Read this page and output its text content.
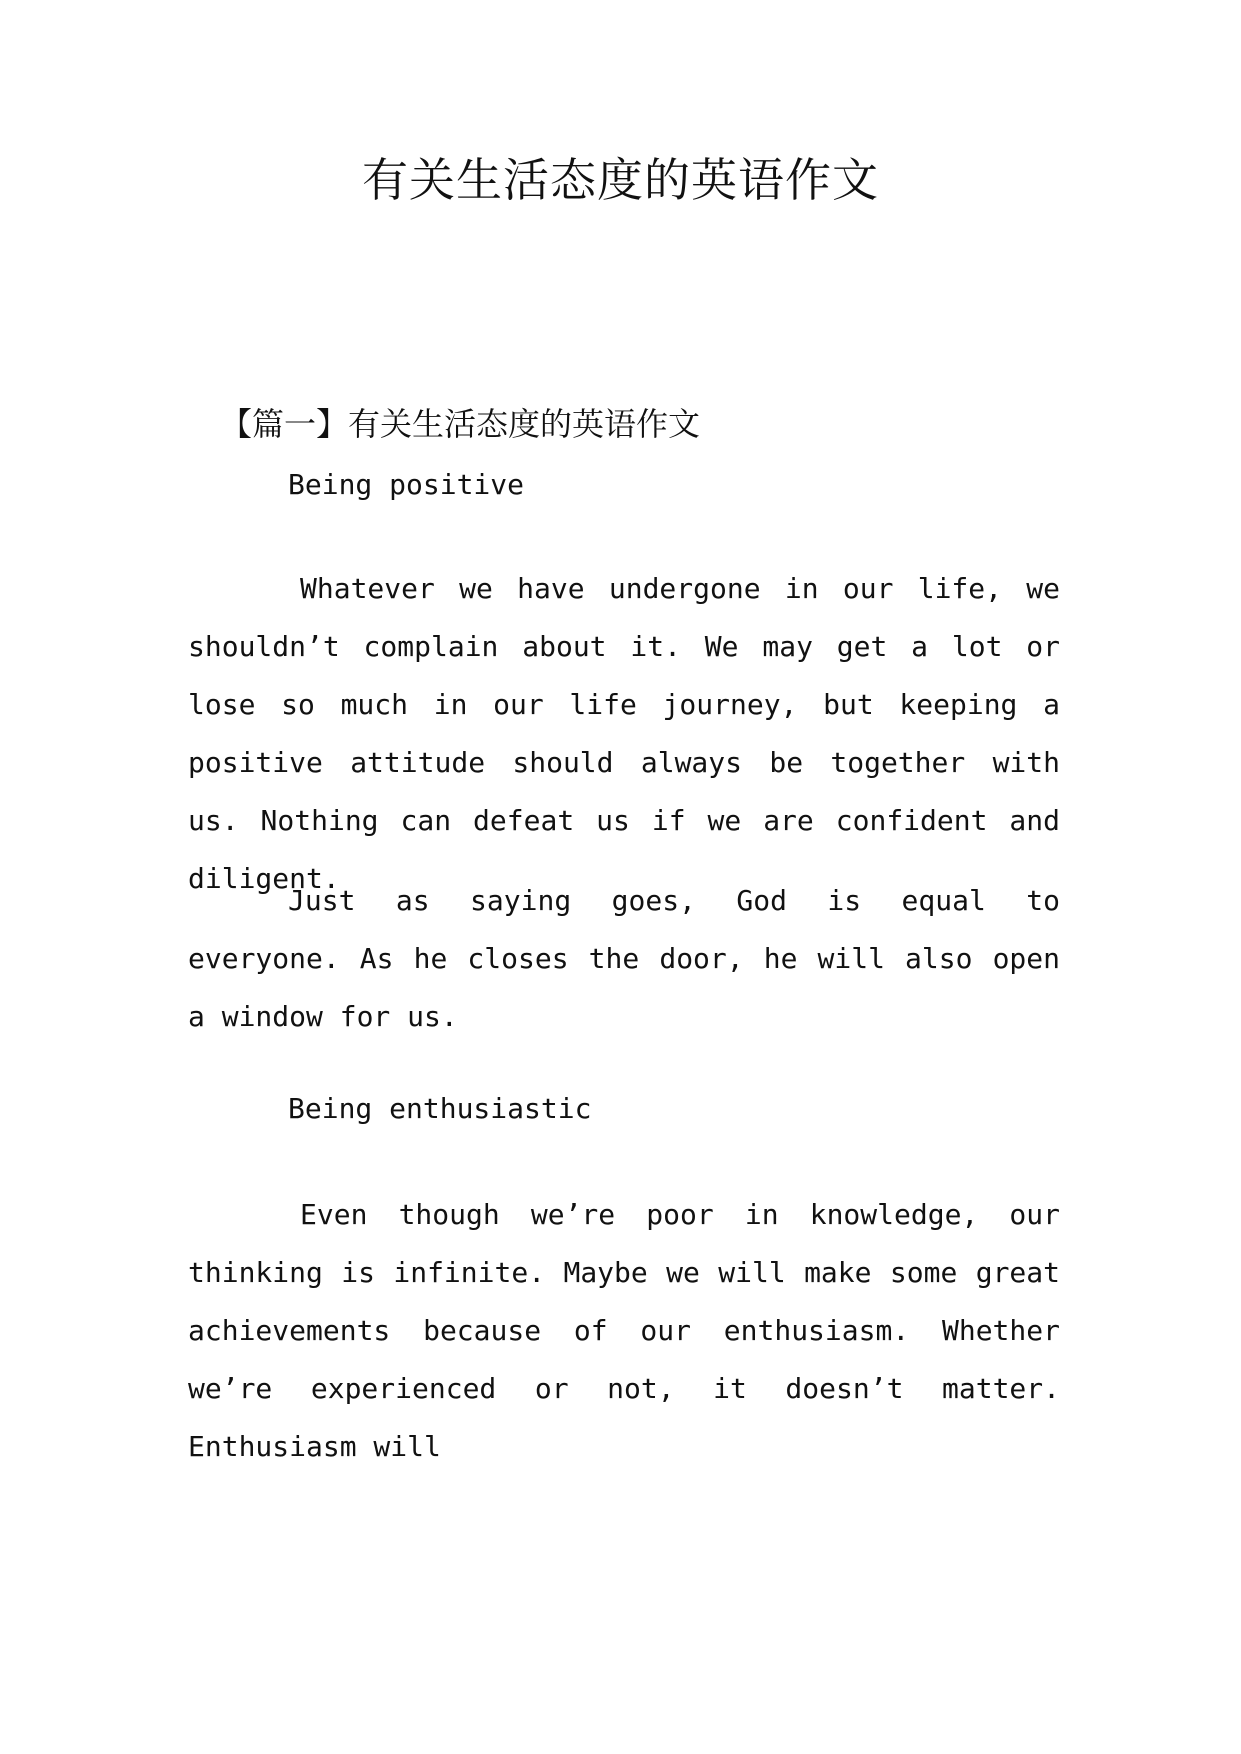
有关生活态度的英语作文
【篇一】有关生活态度的英语作文

Being positive

Whatever we have undergone in our life, we shouldn’t complain about it. We may get a lot or lose so much in our life journey, but keeping a positive attitude should always be together with us. Nothing can defeat us if we are confident and diligent.

Just as saying goes, God is equal to everyone. As he closes the door, he will also open a window for us.

Being enthusiastic

Even though we’re poor in knowledge, our thinking is infinite. Maybe we will make some great achievements because of our enthusiasm. Whether we’re experienced or not, it doesn’t matter. Enthusiasm will
